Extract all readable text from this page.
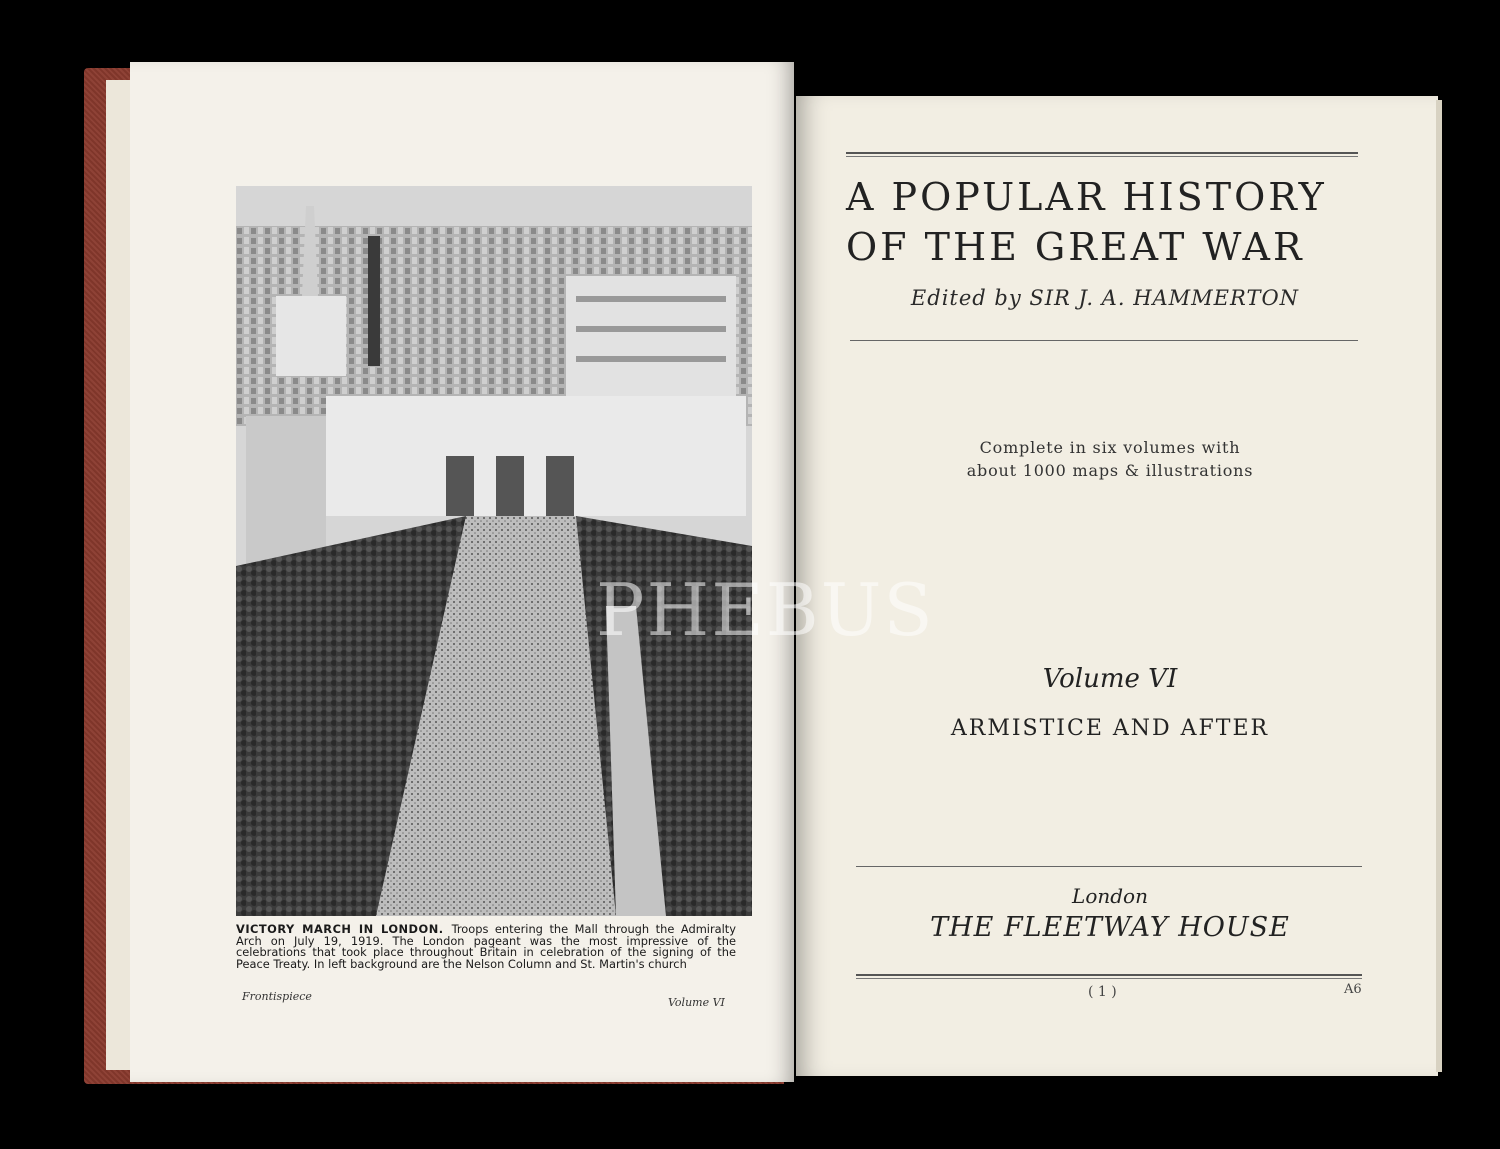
VICTORY MARCH IN LONDON. Troops entering the Mall through the Admiralty Arch on July 19, 1919. The London pageant was the most impressive of the celebrations that took place throughout Britain in celebration of the signing of the Peace Treaty. In left background are the Nelson Column and St. Martin's church
Frontispiece	Volume VI
A POPULAR HISTORY
OF THE GREAT WAR
Edited by SIR J. A. HAMMERTON
Complete in six volumes with
about 1000 maps & illustrations
PHEBUS
Volume VI
ARMISTICE AND AFTER
London
THE FLEETWAY HOUSE
( 1 )	A6
